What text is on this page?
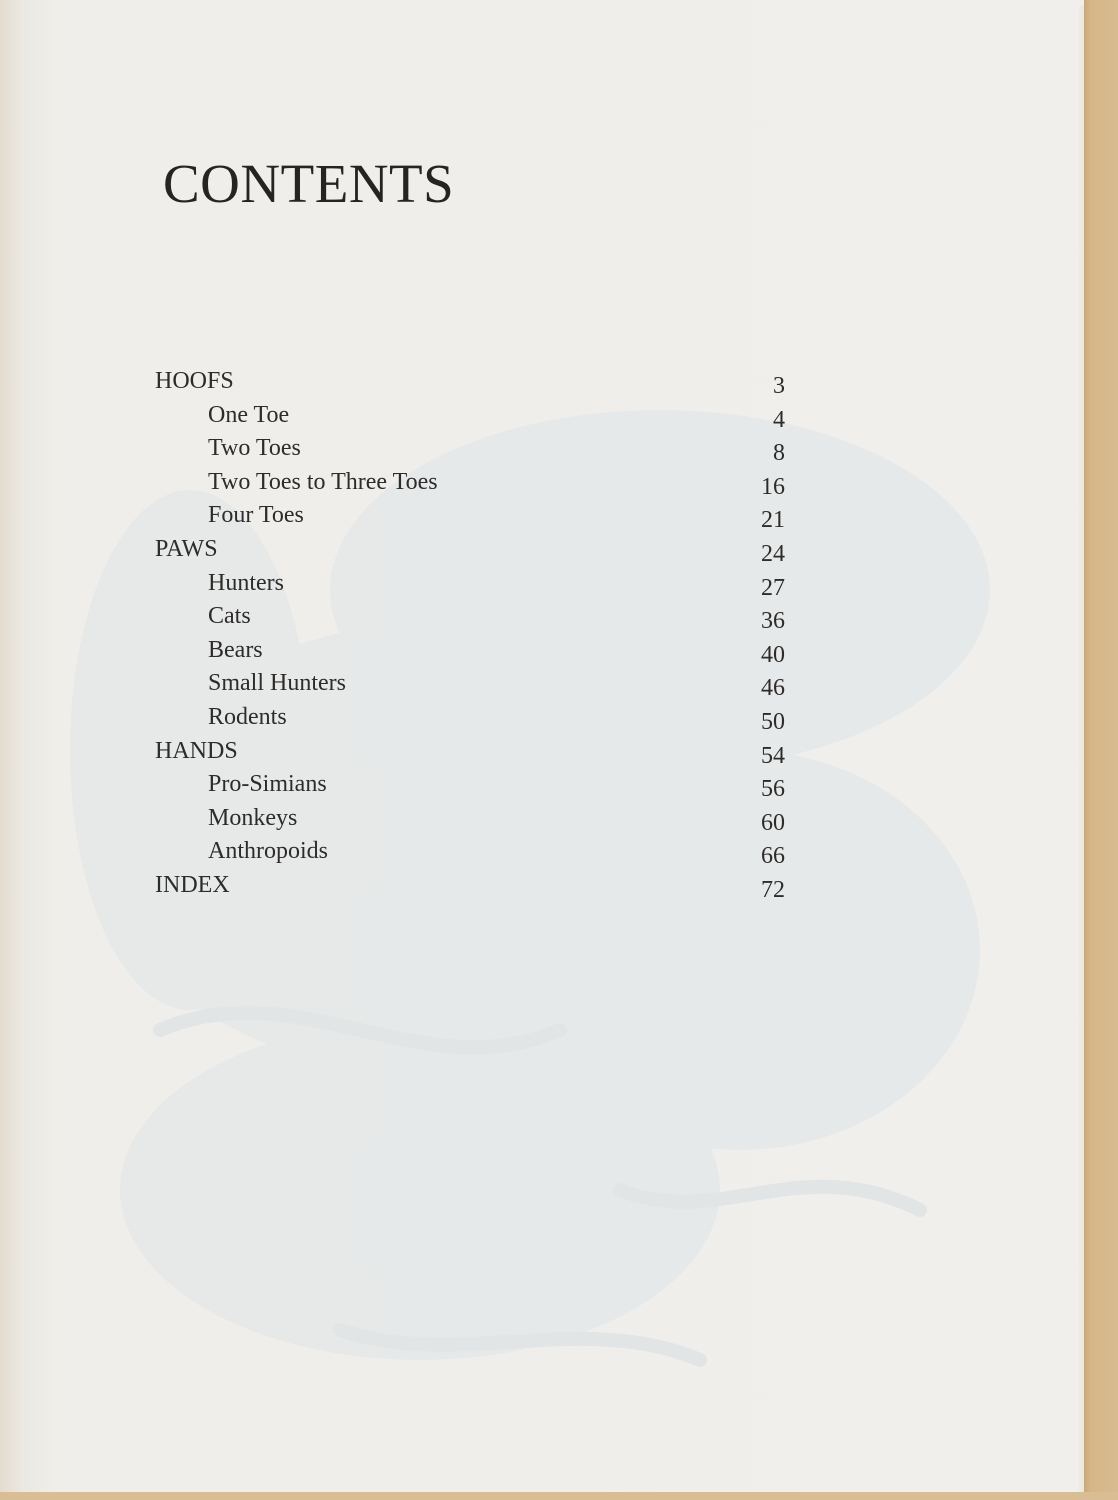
CONTENTS
HOOFS	3
One Toe	4
Two Toes	8
Two Toes to Three Toes	16
Four Toes	21
PAWS	24
Hunters	27
Cats	36
Bears	40
Small Hunters	46
Rodents	50
HANDS	54
Pro-Simians	56
Monkeys	60
Anthropoids	66
INDEX	72
